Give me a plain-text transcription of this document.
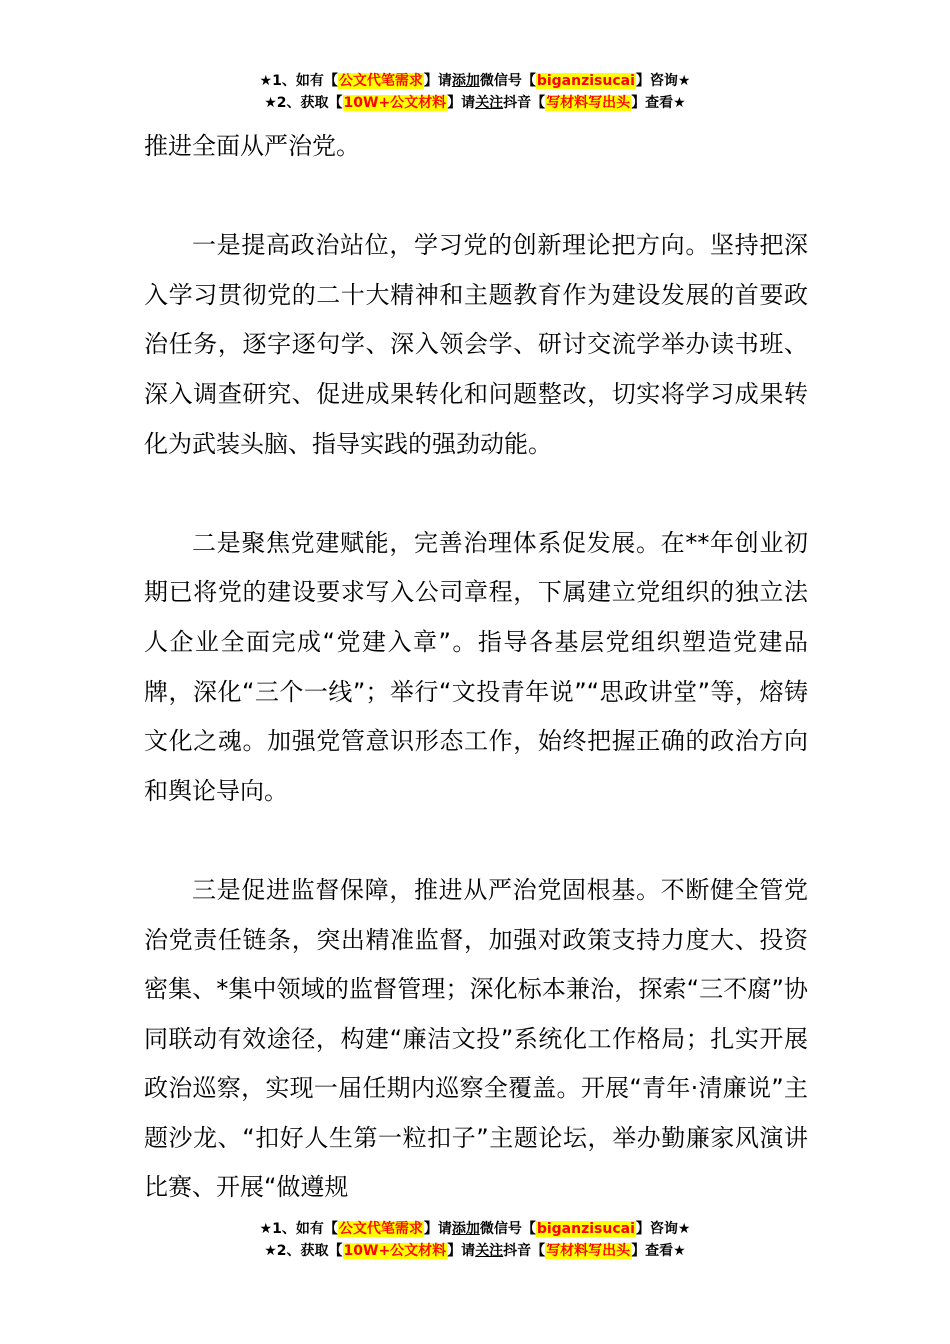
★1、如有【公文代笔需求】请添加微信号【biganzisucai】咨询★
★2、获取【10W+公文材料】请关注抖音【写材料写出头】查看★

推进全面从严治党。

一是提高政治站位，学习党的创新理论把方向。坚持把深入学习贯彻党的二十大精神和主题教育作为建设发展的首要政治任务，逐字逐句学、深入领会学、研讨交流学举办读书班、深入调查研究、促进成果转化和问题整改，切实将学习成果转化为武装头脑、指导实践的强劲动能。

二是聚焦党建赋能，完善治理体系促发展。在**年创业初期已将党的建设要求写入公司章程，下属建立党组织的独立法人企业全面完成“党建入章”。指导各基层党组织塑造党建品牌，深化“三个一线”；举行“文投青年说”“思政讲堂”等，熔铸文化之魂。加强党管意识形态工作，始终把握正确的政治方向和舆论导向。

三是促进监督保障，推进从严治党固根基。不断健全管党治党责任链条，突出精准监督，加强对政策支持力度大、投资密集、*集中领域的监督管理；深化标本兼治，探索“三不腐”协同联动有效途径，构建“廉洁文投”系统化工作格局；扎实开展政治巡察，实现一届任期内巡察全覆盖。开展“青年·清廉说”主题沙龙、“扣好人生第一粒扣子”主题论坛，举办勤廉家风演讲比赛、开展“做遵规

★1、如有【公文代笔需求】请添加微信号【biganzisucai】咨询★
★2、获取【10W+公文材料】请关注抖音【写材料写出头】查看★
